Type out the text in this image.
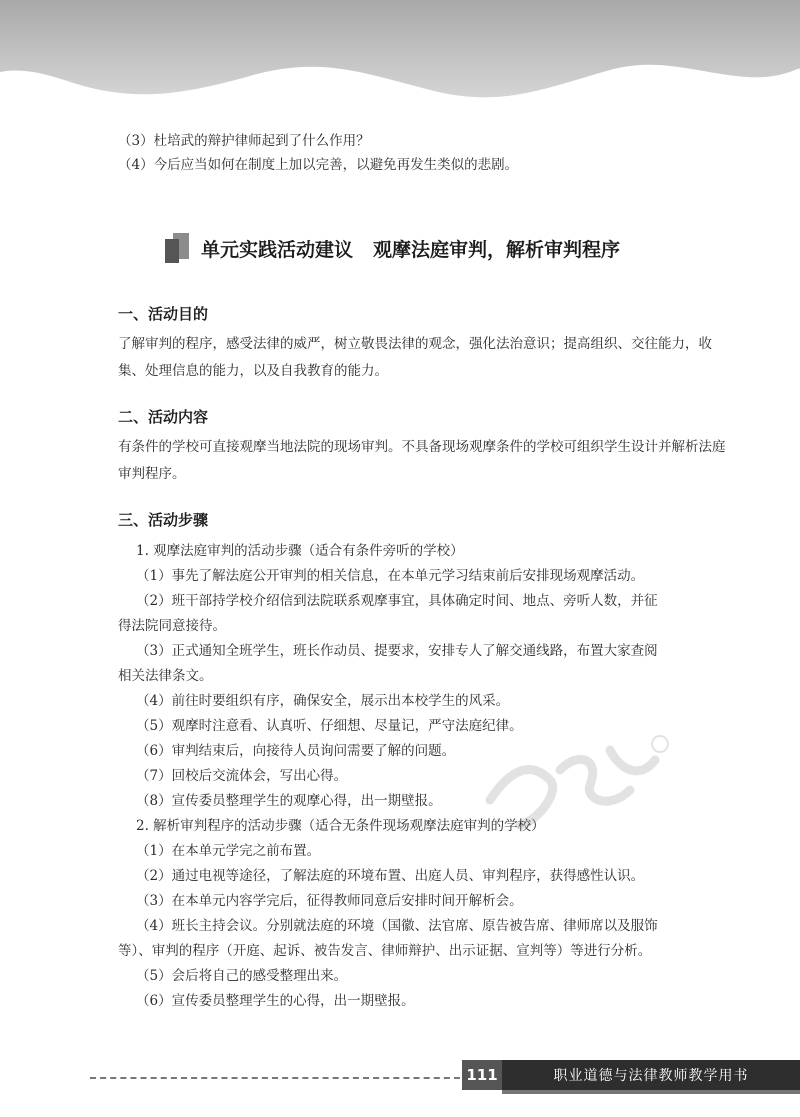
（3）杜培武的辩护律师起到了什么作用？
（4）今后应当如何在制度上加以完善，以避免再发生类似的悲剧。
单元实践活动建议 观摩法庭审判，解析审判程序
一、活动目的
了解审判的程序，感受法律的威严，树立敬畏法律的观念，强化法治意识；提高组织、交往能力，收集、处理信息的能力，以及自我教育的能力。
二、活动内容
有条件的学校可直接观摩当地法院的现场审判。不具备现场观摩条件的学校可组织学生设计并解析法庭审判程序。
三、活动步骤
1. 观摩法庭审判的活动步骤（适合有条件旁听的学校）
（1）事先了解法庭公开审判的相关信息，在本单元学习结束前后安排现场观摩活动。
（2）班干部持学校介绍信到法院联系观摩事宜，具体确定时间、地点、旁听人数，并征
得法院同意接待。
（3）正式通知全班学生，班长作动员、提要求，安排专人了解交通线路，布置大家查阅
相关法律条文。
（4）前往时要组织有序，确保安全，展示出本校学生的风采。
（5）观摩时注意看、认真听、仔细想、尽量记，严守法庭纪律。
（6）审判结束后，向接待人员询问需要了解的问题。
（7）回校后交流体会，写出心得。
（8）宣传委员整理学生的观摩心得，出一期壁报。
2. 解析审判程序的活动步骤（适合无条件现场观摩法庭审判的学校）
（1）在本单元学完之前布置。
（2）通过电视等途径，了解法庭的环境布置、出庭人员、审判程序，获得感性认识。
（3）在本单元内容学完后，征得教师同意后安排时间开解析会。
（4）班长主持会议。分别就法庭的环境（国徽、法官席、原告被告席、律师席以及服饰
等）、审判的程序（开庭、起诉、被告发言、律师辩护、出示证据、宣判等）等进行分析。
（5）会后将自己的感受整理出来。
（6）宣传委员整理学生的心得，出一期壁报。
111	职业道德与法律教师教学用书
